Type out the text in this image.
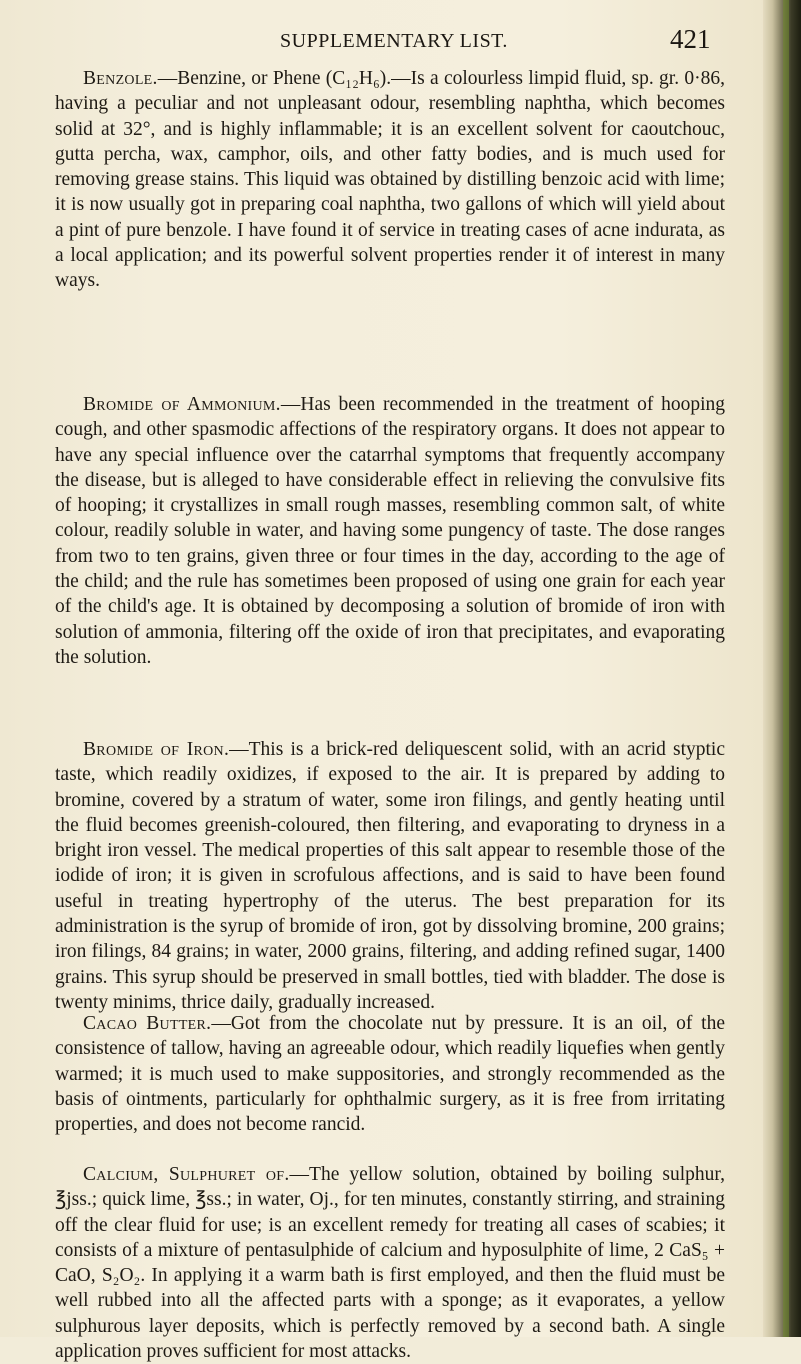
SUPPLEMENTARY LIST.	421

Benzole.—Benzine, or Phene (C₁₂H₆).—Is a colourless limpid fluid, sp. gr. 0·86, having a peculiar and not unpleasant odour, resembling naphtha, which becomes solid at 32°, and is highly inflammable; it is an excellent solvent for caoutchouc, gutta percha, wax, camphor, oils, and other fatty bodies, and is much used for removing grease stains. This liquid was obtained by distilling benzoic acid with lime; it is now usually got in preparing coal naphtha, two gallons of which will yield about a pint of pure benzole. I have found it of service in treating cases of acne indurata, as a local application; and its powerful solvent properties render it of interest in many ways.

Bromide of Ammonium.—Has been recommended in the treatment of hooping cough, and other spasmodic affections of the respiratory organs. It does not appear to have any special influence over the catarrhal symptoms that frequently accompany the disease, but is alleged to have considerable effect in relieving the convulsive fits of hooping; it crystallizes in small rough masses, resembling common salt, of white colour, readily soluble in water, and having some pungency of taste. The dose ranges from two to ten grains, given three or four times in the day, according to the age of the child; and the rule has sometimes been proposed of using one grain for each year of the child's age. It is obtained by decomposing a solution of bromide of iron with solution of ammonia, filtering off the oxide of iron that precipitates, and evaporating the solution.

Bromide of Iron.—This is a brick-red deliquescent solid, with an acrid styptic taste, which readily oxidizes, if exposed to the air. It is prepared by adding to bromine, covered by a stratum of water, some iron filings, and gently heating until the fluid becomes greenish-coloured, then filtering, and evaporating to dryness in a bright iron vessel. The medical properties of this salt appear to resemble those of the iodide of iron; it is given in scrofulous affections, and is said to have been found useful in treating hypertrophy of the uterus. The best preparation for its administration is the syrup of bromide of iron, got by dissolving bromine, 200 grains; iron filings, 84 grains; in water, 2000 grains, filtering, and adding refined sugar, 1400 grains. This syrup should be preserved in small bottles, tied with bladder. The dose is twenty minims, thrice daily, gradually increased.

Cacao Butter.—Got from the chocolate nut by pressure. It is an oil, of the consistence of tallow, having an agreeable odour, which readily liquefies when gently warmed; it is much used to make suppositories, and strongly recommended as the basis of ointments, particularly for ophthalmic surgery, as it is free from irritating properties, and does not become rancid.

Calcium, Sulphuret of.—The yellow solution, obtained by boiling sulphur, ℥jss.; quick lime, ℥ss.; in water, Oj., for ten minutes, constantly stirring, and straining off the clear fluid for use; is an excellent remedy for treating all cases of scabies; it consists of a mixture of pentasulphide of calcium and hyposulphite of lime, 2 CaS₅ + CaO, S₂O₂. In applying it a warm bath is first employed, and then the fluid must be well rubbed into all the affected parts with a sponge; as it evaporates, a yellow sulphurous layer deposits, which is perfectly removed by a second bath. A single application proves sufficient for most attacks.
